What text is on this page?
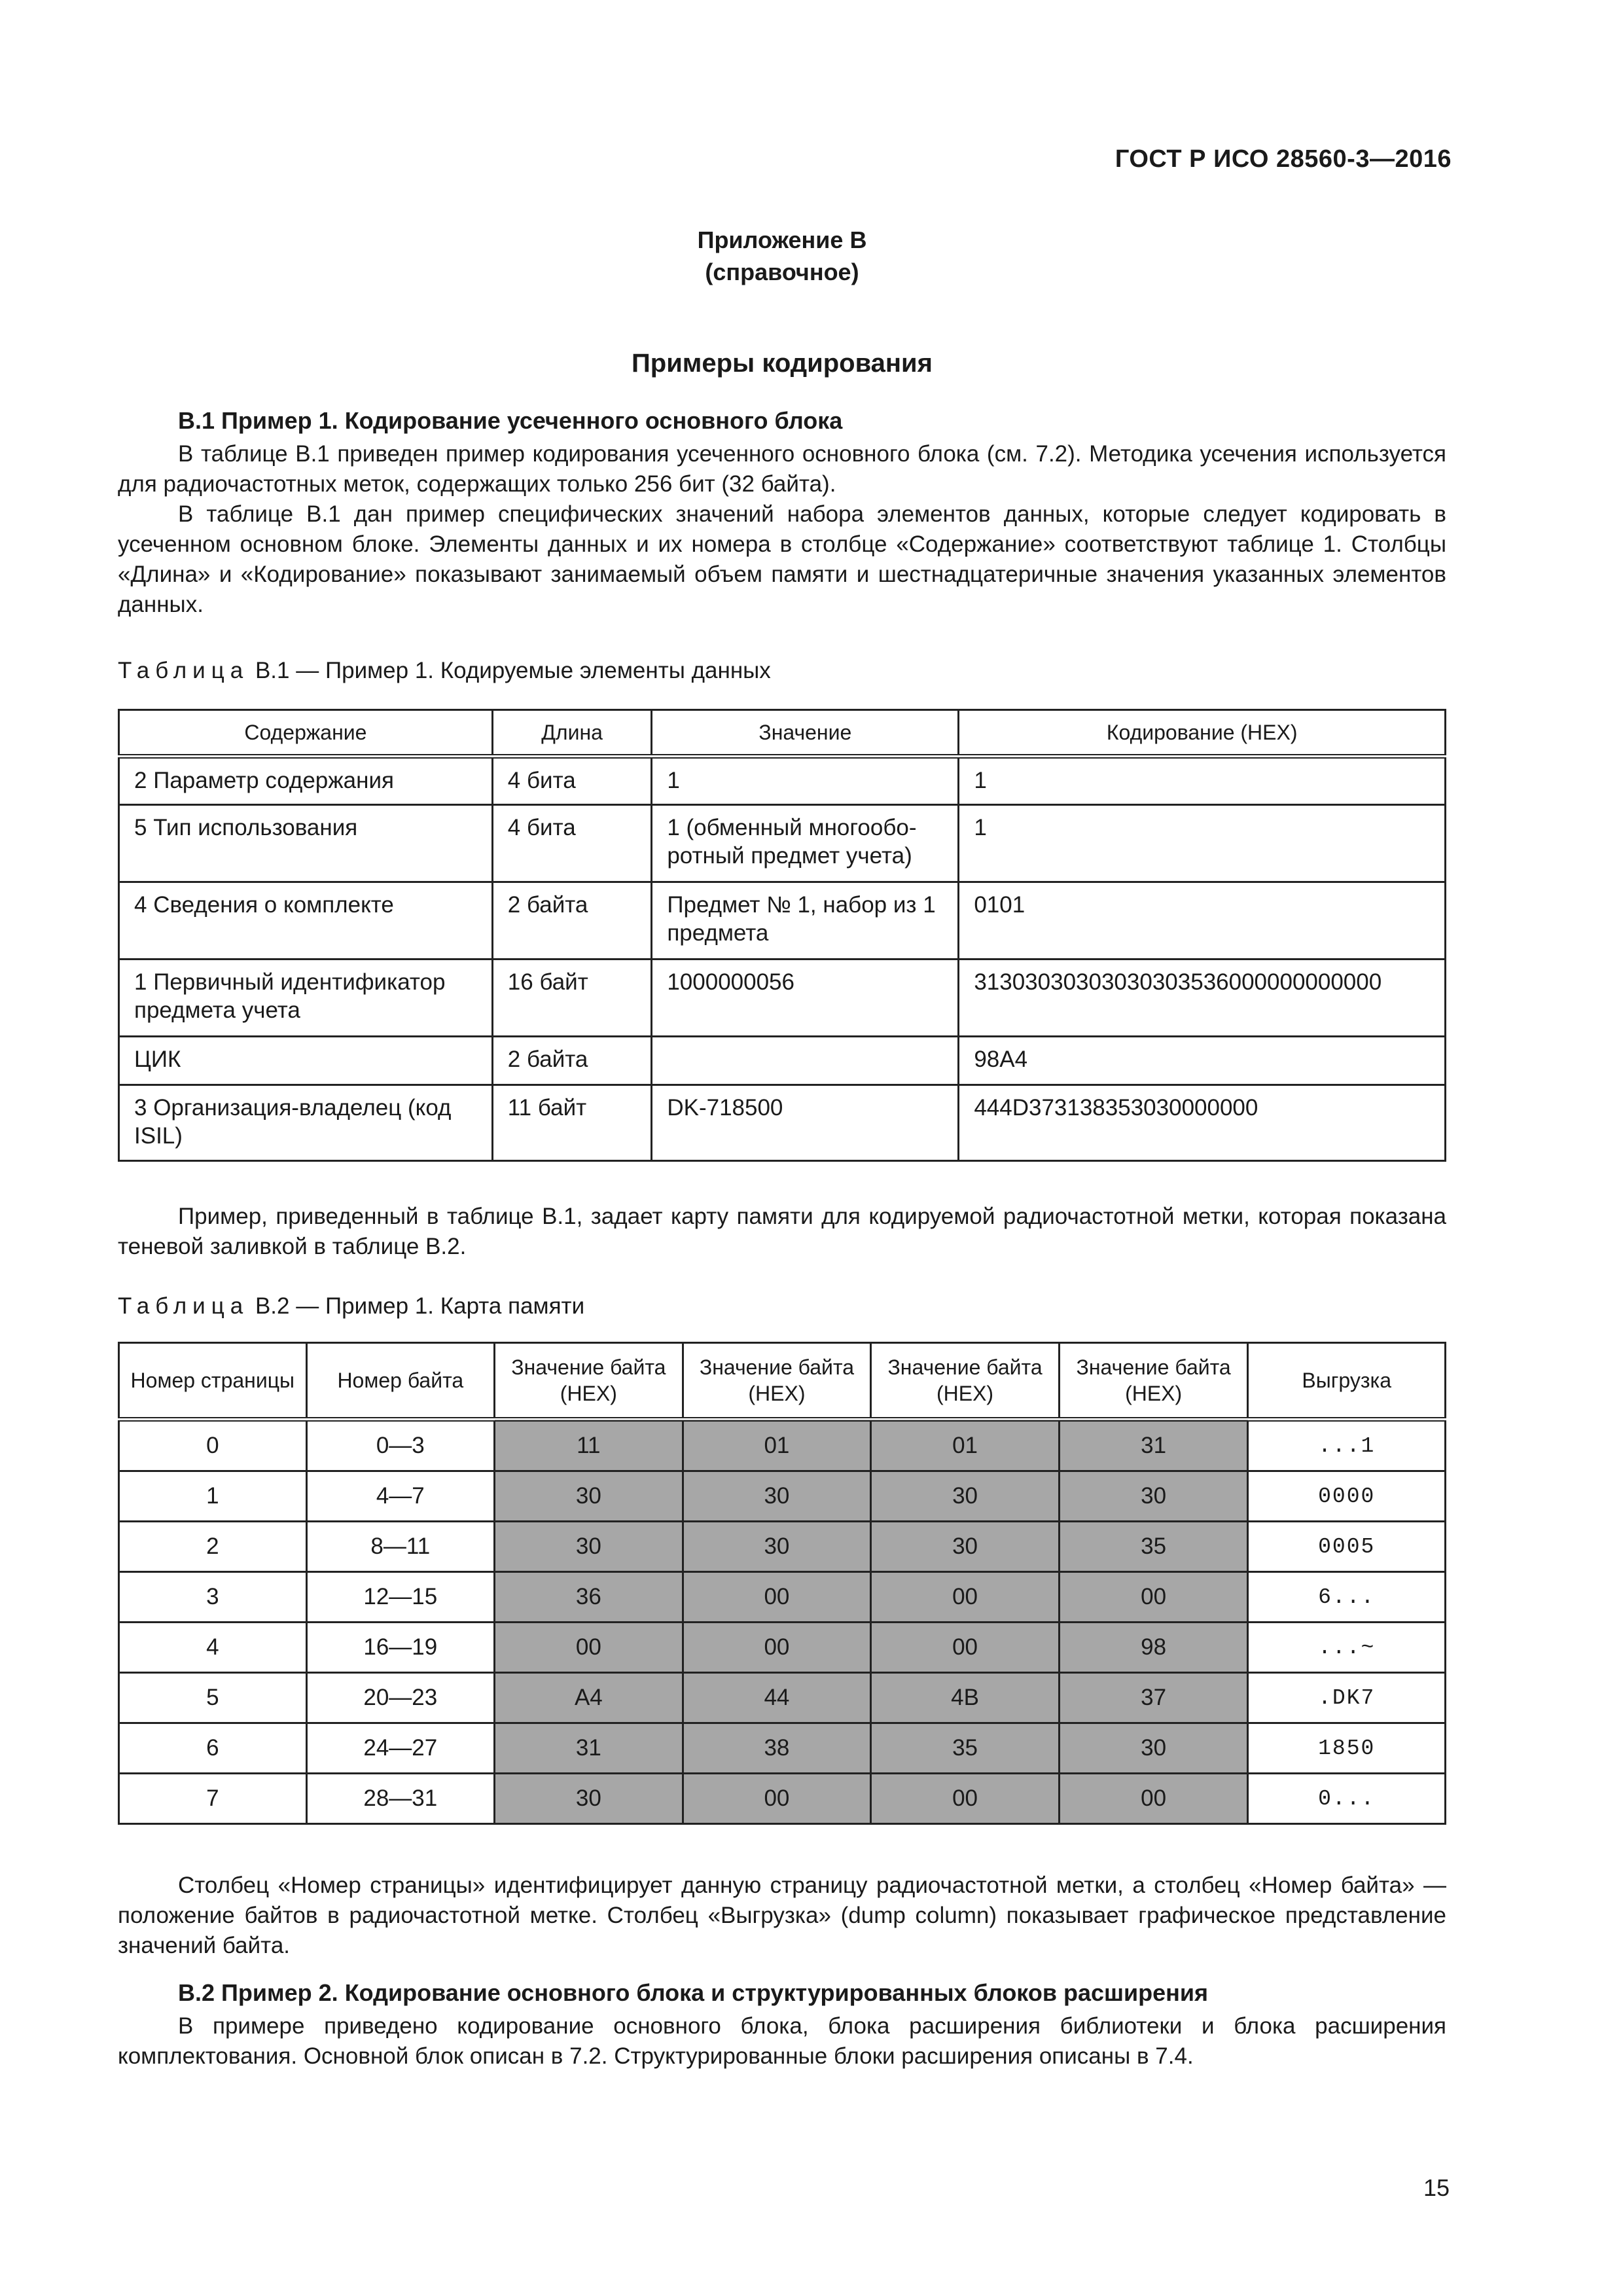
ГОСТ Р ИСО 28560-3—2016
Приложение В
(справочное)
Примеры кодирования
В.1 Пример 1. Кодирование усеченного основного блока

В таблице В.1 приведен пример кодирования усеченного основного блока (см. 7.2). Методика усечения используется для радиочастотных меток, содержащих только 256 бит (32 байта).

В таблице В.1 дан пример специфических значений набора элементов данных, которые следует кодировать в усеченном основном блоке. Элементы данных и их номера в столбце «Содержание» соответствуют таблице 1. Столбцы «Длина» и «Кодирование» показывают занимаемый объем памяти и шестнадцатеричные значения указанных элементов данных.

Таблица В.1 — Пример 1. Кодируемые элементы данных
Содержание	Длина	Значение	Кодирование (HEX)
2 Параметр содержания	4 бита	1	1
5 Тип использования	4 бита	1 (обменный многообо- ротный предмет учета)	1
4 Сведения о комплекте	2 байта	Предмет № 1, набор из 1 предмета	0101
1 Первичный идентификатор предмета учета	16 байт	1000000056	31303030303030303536000000000000
ЦИК	2 байта		98A4
3 Организация-владелец (код ISIL)	11 байт	DK-718500	444D373138353030000000

Пример, приведенный в таблице В.1, задает карту памяти для кодируемой радиочастотной метки, которая показана теневой заливкой в таблице В.2.

Таблица В.2 — Пример 1. Карта памяти
Номер страницы	Номер байта	Значение байта (HEX)	Значение байта (HEX)	Значение байта (HEX)	Значение байта (HEX)	Выгрузка
0	0—3	11	01	01	31	...1
1	4—7	30	30	30	30	0000
2	8—11	30	30	30	35	0005
3	12—15	36	00	00	00	6...
4	16—19	00	00	00	98	...~
5	20—23	A4	44	4B	37	.DK7
6	24—27	31	38	35	30	1850
7	28—31	30	00	00	00	0...

Столбец «Номер страницы» идентифицирует данную страницу радиочастотной метки, а столбец «Номер байта» — положение байтов в радиочастотной метке. Столбец «Выгрузка» (dump column) показывает графическое представление значений байта.

В.2 Пример 2. Кодирование основного блока и структурированных блоков расширения

В примере приведено кодирование основного блока, блока расширения библиотеки и блока расширения комплектования. Основной блок описан в 7.2. Структурированные блоки расширения описаны в 7.4.

15
